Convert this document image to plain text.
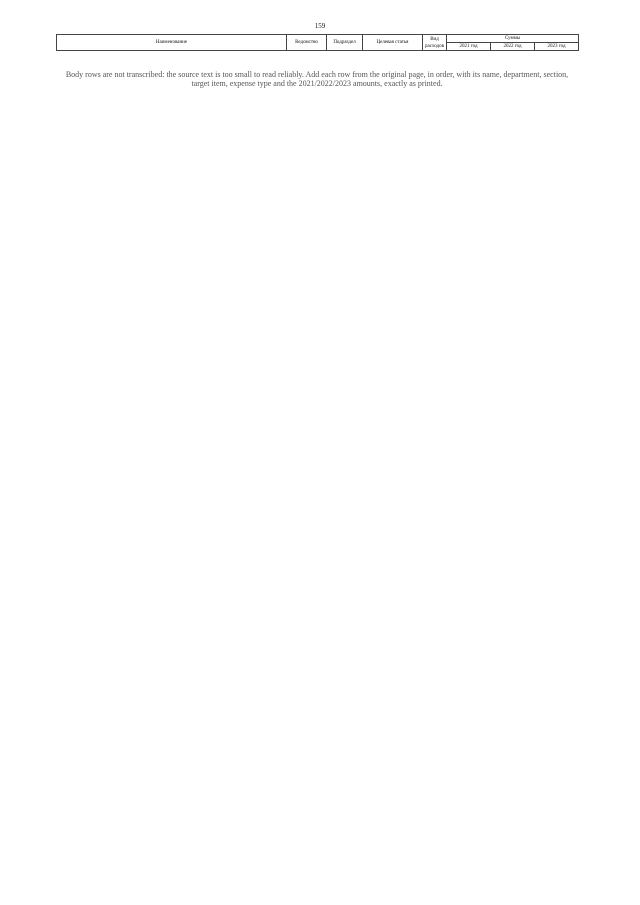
159
Наименование	Ведомство	Подраздел	Целевая статья	Вид расходов	Суммы		
					2021 год	2022 год	2023 год
Body rows are not transcribed: the source text is too small to read reliably. Add each row from the original page, in order, with its name, department, section, target item, expense type and the 2021/2022/2023 amounts, exactly as printed.
